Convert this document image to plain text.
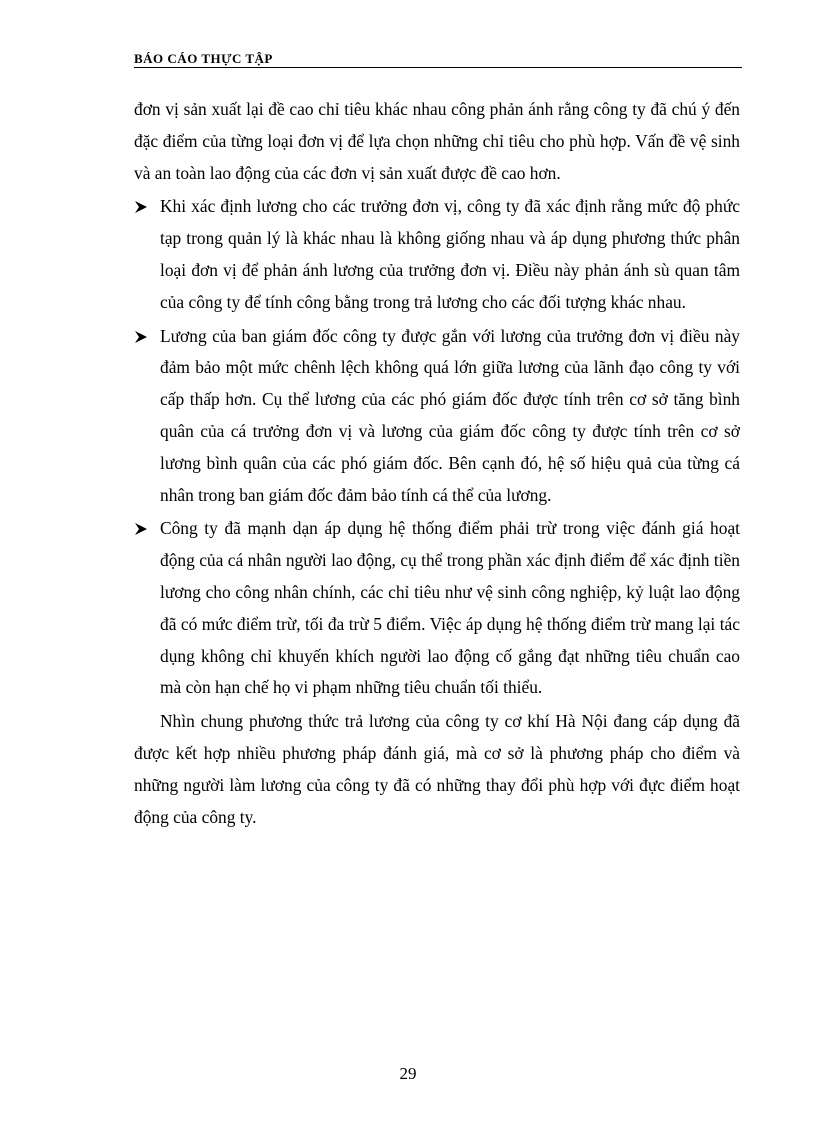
BÁO CÁO THỰC TẬP

đơn vị sản xuất lại đề cao chỉ tiêu khác nhau công phản ánh rằng công ty đã chú ý đến đặc điểm của từng loại đơn vị để lựa chọn những chỉ tiêu cho phù hợp. Vấn đề vệ sinh và an toàn lao động của các đơn vị sản xuất được đề cao hơn.

Khi xác định lương cho các trưởng đơn vị, công ty đã xác định rằng mức độ phức tạp trong quản lý là khác nhau là không giống nhau và áp dụng phương thức phân loại đơn vị để phản ánh lương của trưởng đơn vị. Điều này phản ánh sù quan tâm của công ty để tính công bằng trong trả lương cho các đối tượng khác nhau.
Lương của ban giám đốc công ty được gắn với lương của trưởng đơn vị điều này đảm bảo một mức chênh lệch không quá lớn giữa lương của lãnh đạo công ty với cấp thấp hơn. Cụ thể lương của các phó giám đốc được tính trên cơ sở tăng bình quân của cá trưởng đơn vị và lương của giám đốc công ty được tính trên cơ sở lương bình quân của các phó giám đốc. Bên cạnh đó, hệ số hiệu quả của từng cá nhân trong ban giám đốc đảm bảo tính cá thể của lương.
Công ty đã mạnh dạn áp dụng hệ thống điểm phải trừ trong việc đánh giá hoạt động của cá nhân người lao động, cụ thể trong phần xác định điểm để xác định tiền lương cho công nhân chính, các chỉ tiêu như vệ sinh công nghiệp, kỷ luật lao động đã có mức điểm trừ, tối đa trừ 5 điểm. Việc áp dụng hệ thống điểm trừ mang lại tác dụng không chỉ khuyến khích người lao động cố gắng đạt những tiêu chuẩn cao mà còn hạn chế họ vi phạm những tiêu chuẩn tối thiểu.

Nhìn chung phương thức trả lương của công ty cơ khí Hà Nội đang cáp dụng đã được kết hợp nhiều phương pháp đánh giá, mà cơ sở là phương pháp cho điểm và những người làm lương của công ty đã có những thay đổi phù hợp với đực điểm hoạt động của công ty.

29
